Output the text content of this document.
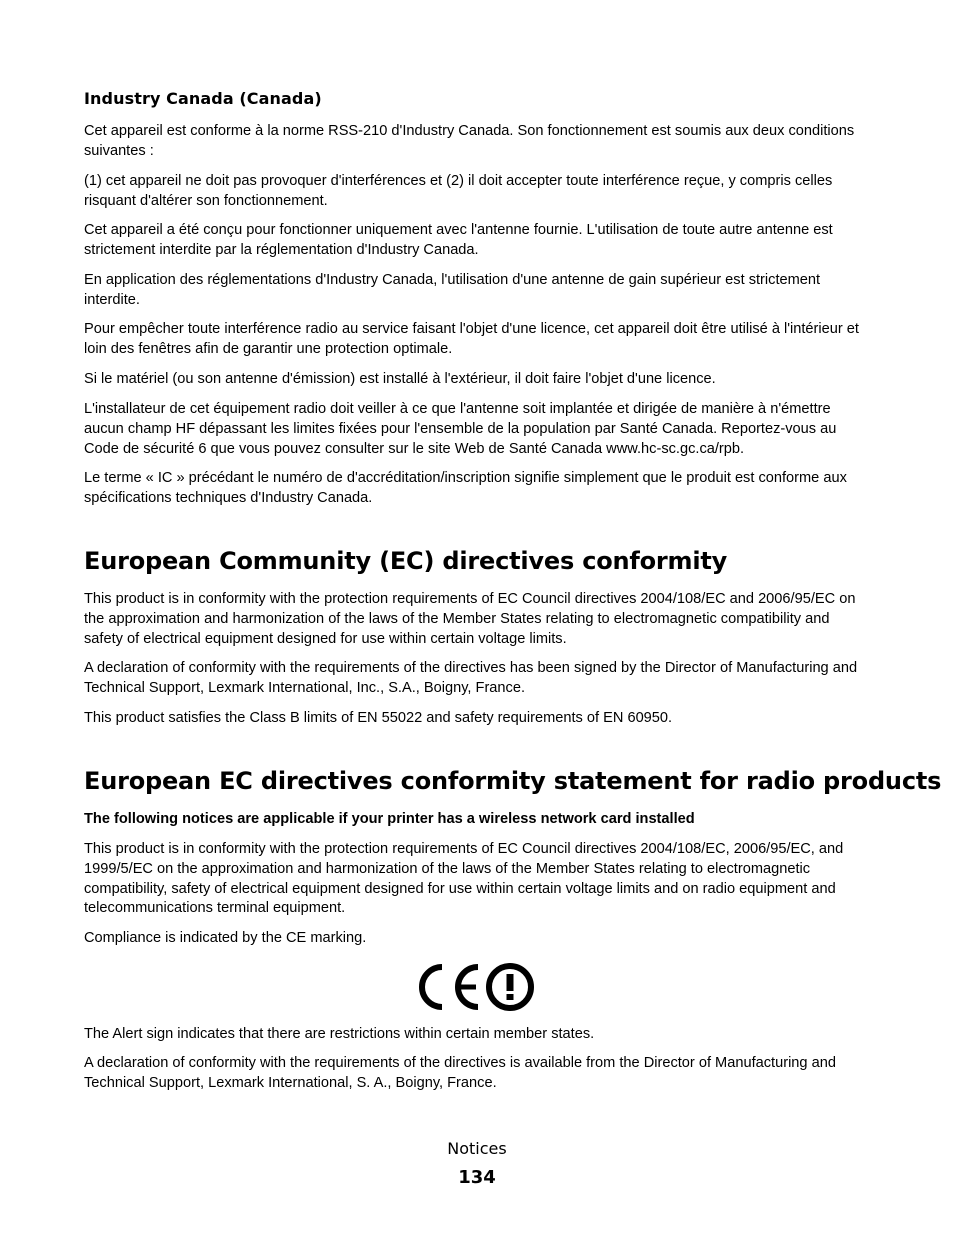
Industry Canada (Canada)

Cet appareil est conforme à la norme RSS-210 d'Industry Canada. Son fonctionnement est soumis aux deux conditions suivantes :

(1) cet appareil ne doit pas provoquer d'interférences et (2) il doit accepter toute interférence reçue, y compris celles risquant d'altérer son fonctionnement.

Cet appareil a été conçu pour fonctionner uniquement avec l'antenne fournie. L'utilisation de toute autre antenne est strictement interdite par la réglementation d'Industry Canada.

En application des réglementations d'Industry Canada, l'utilisation d'une antenne de gain supérieur est strictement interdite.

Pour empêcher toute interférence radio au service faisant l'objet d'une licence, cet appareil doit être utilisé à l'intérieur et loin des fenêtres afin de garantir une protection optimale.

Si le matériel (ou son antenne d'émission) est installé à l'extérieur, il doit faire l'objet d'une licence.

L'installateur de cet équipement radio doit veiller à ce que l'antenne soit implantée et dirigée de manière à n'émettre aucun champ HF dépassant les limites fixées pour l'ensemble de la population par Santé Canada. Reportez-vous au Code de sécurité 6 que vous pouvez consulter sur le site Web de Santé Canada www.hc-sc.gc.ca/rpb.

Le terme « IC » précédant le numéro de d'accréditation/inscription signifie simplement que le produit est conforme aux spécifications techniques d'Industry Canada.

European Community (EC) directives conformity

This product is in conformity with the protection requirements of EC Council directives 2004/108/EC and 2006/95/EC on the approximation and harmonization of the laws of the Member States relating to electromagnetic compatibility and safety of electrical equipment designed for use within certain voltage limits.

A declaration of conformity with the requirements of the directives has been signed by the Director of Manufacturing and Technical Support, Lexmark International, Inc., S.A., Boigny, France.

This product satisfies the Class B limits of EN 55022 and safety requirements of EN 60950.

European EC directives conformity statement for radio products

The following notices are applicable if your printer has a wireless network card installed

This product is in conformity with the protection requirements of EC Council directives 2004/108/EC, 2006/95/EC, and 1999/5/EC on the approximation and harmonization of the laws of the Member States relating to electromagnetic compatibility, safety of electrical equipment designed for use within certain voltage limits and on radio equipment and telecommunications terminal equipment.

Compliance is indicated by the CE marking.

The Alert sign indicates that there are restrictions within certain member states.

A declaration of conformity with the requirements of the directives is available from the Director of Manufacturing and Technical Support, Lexmark International, S. A., Boigny, France.

Notices
134
